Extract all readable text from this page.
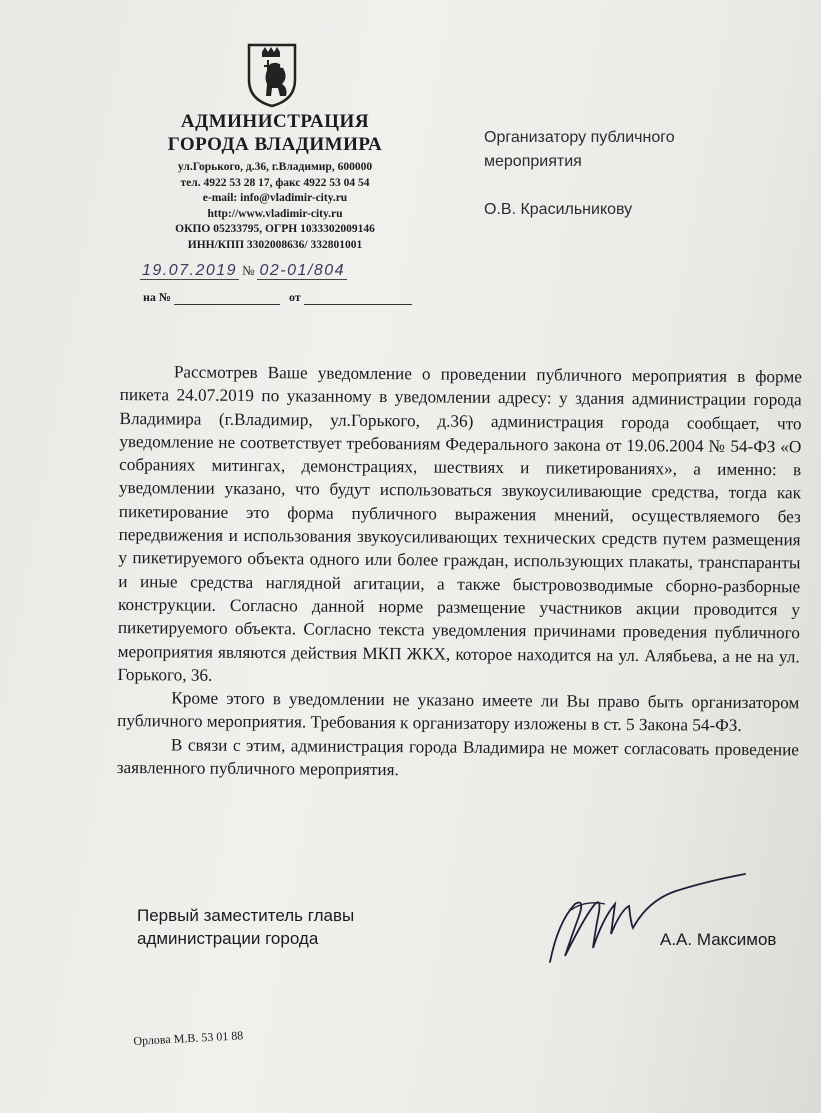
АДМИНИСТРАЦИЯ
ГОРОДА ВЛАДИМИРА
ул.Горького, д.36, г.Владимир, 600000
тел. 4922 53 28 17, факс 4922 53 04 54
e-mail: info@vladimir-city.ru
http://www.vladimir-city.ru
ОКПО 05233795, ОГРН 1033302009146
ИНН/КПП 3302008636/ 332801001
19.07.2019 № 02-01/804
на №	от
Организатору публичного
мероприятия
О.В. Красильникову

Рассмотрев Ваше уведомление о проведении публичного мероприятия в форме пикета 24.07.2019 по указанному в уведомлении адресу: у здания администрации города Владимира (г.Владимир, ул.Горького, д.36) администрация города сообщает, что уведомление не соответствует требованиям Федерального закона от 19.06.2004 № 54-ФЗ «О собраниях митингах, демонстрациях, шествиях и пикетированиях», а именно: в уведомлении указано, что будут использоваться звукоусиливающие средства, тогда как пикетирование это форма публичного выражения мнений, осуществляемого без передвижения и использования звукоусиливающих технических средств путем размещения у пикетируемого объекта одного или более граждан, использующих плакаты, транспаранты и иные средства наглядной агитации, а также быстровозводимые сборно-разборные конструкции. Согласно данной норме размещение участников акции проводится у пикетируемого объекта. Согласно текста уведомления причинами проведения публичного мероприятия являются действия МКП ЖКХ, которое находится на ул. Алябьева, а не на ул. Горького, 36.

Кроме этого в уведомлении не указано имеете ли Вы право быть организатором публичного мероприятия. Требования к организатору изложены в ст. 5 Закона 54-ФЗ.

В связи с этим, администрация города Владимира не может согласовать проведение заявленного публичного мероприятия.

Первый заместитель главы
администрации города	А.А. Максимов
Орлова М.В. 53 01 88
